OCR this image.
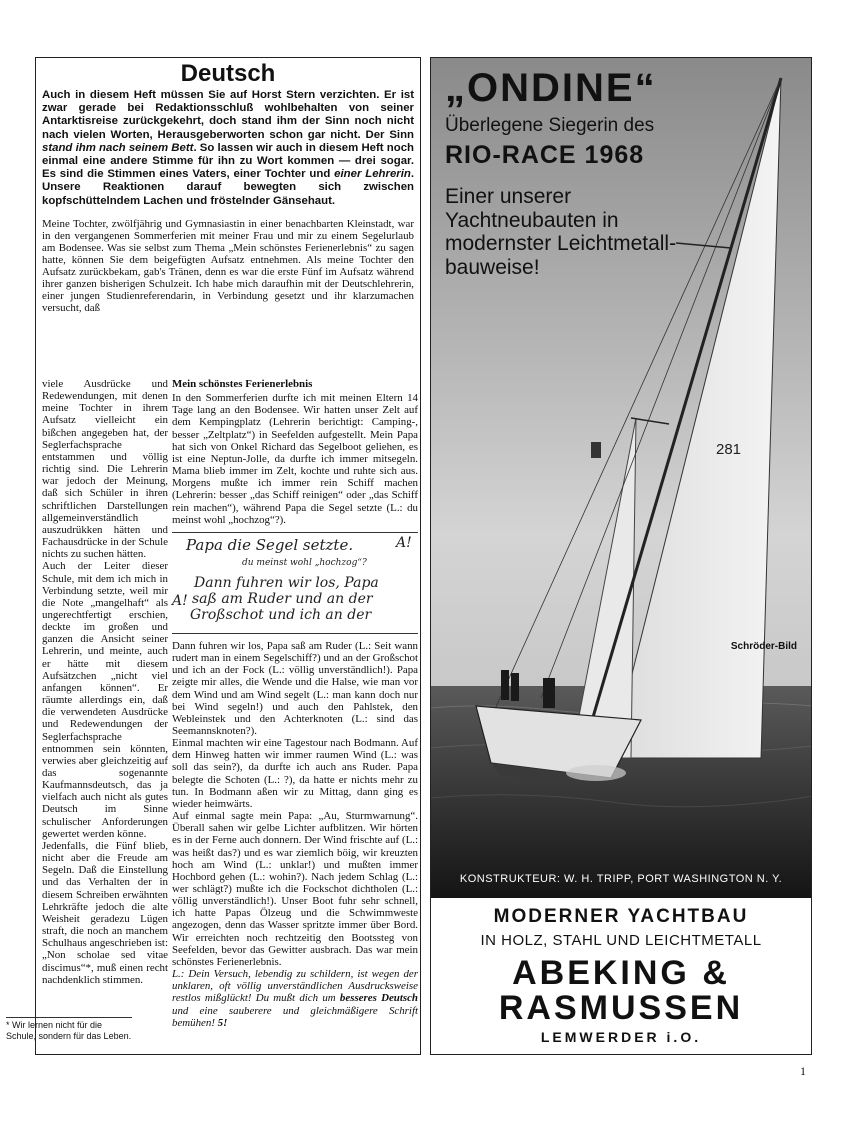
Deutsch
Auch in diesem Heft müssen Sie auf Horst Stern verzichten. Er ist zwar gerade bei Redaktionsschluß wohlbehalten von seiner Antarktisreise zurückgekehrt, doch stand ihm der Sinn noch nicht nach vielen Worten, Herausgeberworten schon gar nicht. Der Sinn stand ihm nach seinem Bett. So lassen wir auch in diesem Heft noch einmal eine andere Stimme für ihn zu Wort kommen — drei sogar. Es sind die Stimmen eines Vaters, einer Tochter und einer Lehrerin. Unsere Reaktionen darauf bewegten sich zwischen kopfschüttelndem Lachen und fröstelnder Gänsehaut.

Meine Tochter, zwölfjährig und Gymnasiastin in einer benachbarten Kleinstadt, war in den vergangenen Sommerferien mit meiner Frau und mir zu einem Segelurlaub am Bodensee. Was sie selbst zum Thema „Mein schönstes Ferienerlebnis“ zu sagen hatte, können Sie dem beigefügten Aufsatz entnehmen. Als meine Tochter den Aufsatz zurückbekam, gab's Tränen, denn es war die erste Fünf im Aufsatz während ihrer ganzen bisherigen Schulzeit. Ich habe mich daraufhin mit der Deutschlehrerin, einer jungen Studienreferendarin, in Verbindung gesetzt und ihr klarzumachen versucht, daß

viele Ausdrücke und Redewendungen, mit denen meine Tochter in ihrem Aufsatz vielleicht ein bißchen angegeben hat, der Seglerfachsprache entstammen und völlig richtig sind. Die Lehrerin war jedoch der Meinung, daß sich Schüler in ihren schriftlichen Darstellungen allgemeinverständlich auszudrükken hätten und Fachausdrücke in der Schule nichts zu suchen hätten.

Auch der Leiter dieser Schule, mit dem ich mich in Verbindung setzte, weil mir die Note „mangelhaft“ als ungerechtfertigt erschien, deckte im großen und ganzen die Ansicht seiner Lehrerin, und meinte, auch er hätte mit diesem Aufsätzchen „nicht viel anfangen können“. Er räumte allerdings ein, daß die verwendeten Ausdrücke und Redewendungen der Seglerfachsprache entnommen sein könnten, verwies aber gleichzeitig auf das sogenannte Kaufmannsdeutsch, das ja vielfach auch nicht als gutes Deutsch im Sinne schulischer Anforderungen gewertet werden könne.

Jedenfalls, die Fünf blieb, nicht aber die Freude am Segeln. Daß die Einstellung und das Verhalten der in diesem Schreiben erwähnten Lehrkräfte jedoch die alte Weisheit geradezu Lügen straft, die noch an manchem Schulhaus angeschrieben ist: „Non scholae sed vitae discimus“*, muß einen recht nachdenklich stimmen.

Mein schönstes Ferienerlebnis

In den Sommerferien durfte ich mit meinen Eltern 14 Tage lang an den Bodensee. Wir hatten unser Zelt auf dem Kempingplatz (Lehrerin berichtigt: Camping-, besser „Zeltplatz“) in Seefelden aufgestellt. Mein Papa hat sich von Onkel Richard das Segelboot geliehen, es ist eine Neptun-Jolle, da durfte ich immer mitsegeln. Mama blieb immer im Zelt, kochte und ruhte sich aus. Morgens mußte ich immer rein Schiff machen (Lehrerin: besser „das Schiff reinigen“ oder „das Schiff rein machen“), während Papa die Segel setzte (L.: du meinst wohl „hochzog“?).

Papa die Segel setzte.
du meinst wohl „hochzog“?
Dann fuhren wir los, Papa
saß am Ruder und an der
Großschot und ich an der
A!
A!

Dann fuhren wir los, Papa saß am Ruder (L.: Seit wann rudert man in einem Segelschiff?) und an der Großschot und ich an der Fock (L.: völlig unverständlich!). Papa zeigte mir alles, die Wende und die Halse, wie man vor dem Wind und am Wind segelt (L.: man kann doch nur bei Wind segeln!) und auch den Pahlstek, den Webleinstek und den Achterknoten (L.: sind das Seemannsknoten?).

Einmal machten wir eine Tagestour nach Bodmann. Auf dem Hinweg hatten wir immer raumen Wind (L.: was soll das sein?), da durfte ich auch ans Ruder. Papa belegte die Schoten (L.: ?), da hatte er nichts mehr zu tun. In Bodmann aßen wir zu Mittag, dann ging es wieder heimwärts.

Auf einmal sagte mein Papa: „Au, Sturmwarnung“. Überall sahen wir gelbe Lichter aufblitzen. Wir hörten es in der Ferne auch donnern. Der Wind frischte auf (L.: was heißt das?) und es war ziemlich böig, wir kreuzten hoch am Wind (L.: unklar!) und mußten immer Hochbord gehen (L.: wohin?). Nach jedem Schlag (L.: wer schlägt?) mußte ich die Fockschot dichtholen (L.: völlig unverständlich!). Unser Boot fuhr sehr schnell, ich hatte Papas Ölzeug und die Schwimmweste angezogen, denn das Wasser spritzte immer über Bord. Wir erreichten noch rechtzeitig den Bootssteg von Seefelden, bevor das Gewitter ausbrach. Das war mein schönstes Ferienerlebnis.

L.: Dein Versuch, lebendig zu schildern, ist wegen der unklaren, oft völlig unverständlichen Ausdrucksweise restlos mißglückt! Du mußt dich um besseres Deutsch und eine sauberere und gleichmäßigere Schrift bemühen! 5!

* Wir lernen nicht für die Schule, sondern für das Leben.
281
„ONDINE“
Überlegene Siegerin des
RIO-RACE 1968
Einer unserer Yachtneubauten in modernster Leichtmetall-bauweise!
Schröder-Bild
KONSTRUKTEUR: W. H. TRIPP, PORT WASHINGTON N. Y.
MODERNER YACHTBAU
IN HOLZ, STAHL UND LEICHTMETALL
ABEKING &
RASMUSSEN
LEMWERDER i.O.
1
